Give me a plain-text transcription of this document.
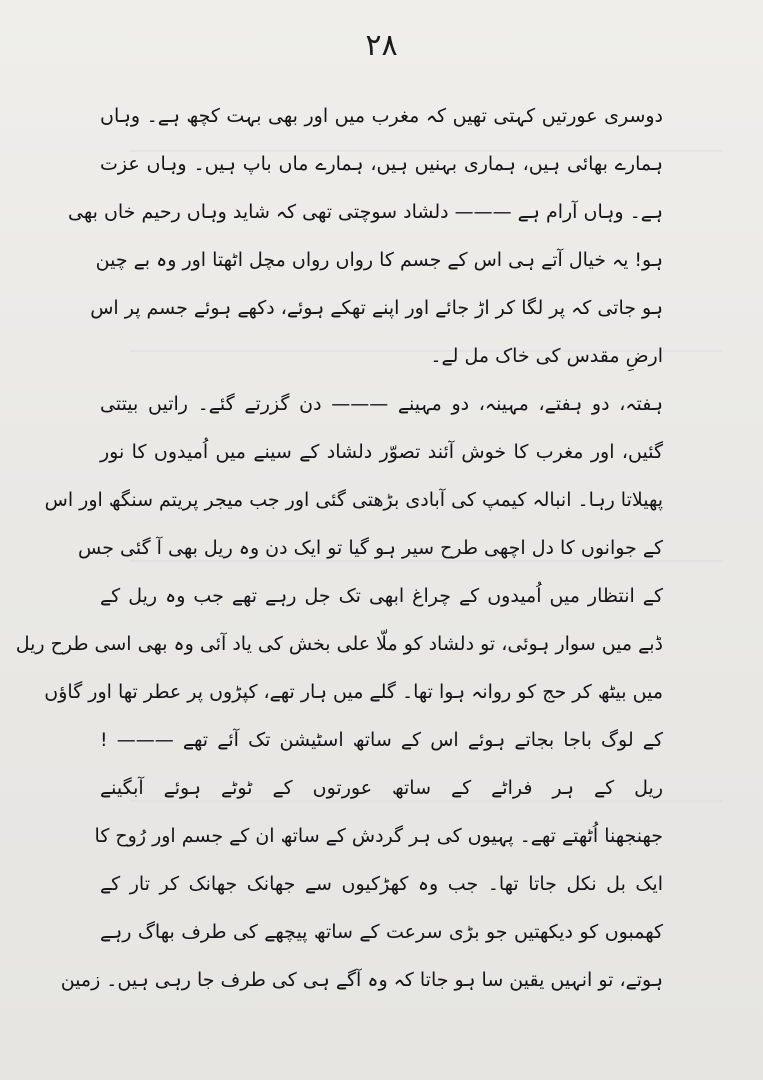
۲۸
دوسری عورتیں کہتی تھیں کہ مغرب میں اور بھی بہت کچھ ہے۔ وہاں
ہمارے بھائی ہیں، ہماری بہنیں ہیں، ہمارے ماں باپ ہیں۔ وہاں عزت
ہے۔ وہاں آرام ہے ——— دلشاد سوچتی تھی کہ شاید وہاں رحیم خاں بھی
ہو! یہ خیال آتے ہی اس کے جسم کا رواں رواں مچل اٹھتا اور وہ بے چین
ہو جاتی کہ پر لگا کر اڑ جائے اور اپنے تھکے ہوئے، دکھے ہوئے جسم پر اس
ارضِ مقدس کی خاک مل لے۔
ہفتہ، دو ہفتے، مہینہ، دو مہینے ——— دن گزرتے گئے۔ راتیں بیتتی
گئیں، اور مغرب کا خوش آئند تصوّر دلشاد کے سینے میں اُمیدوں کا نور
پھیلاتا رہا۔ انبالہ کیمپ کی آبادی بڑھتی گئی اور جب میجر پریتم سنگھ اور اس
کے جوانوں کا دل اچھی طرح سیر ہو گیا تو ایک دن وہ ریل بھی آ گئی جس
کے انتظار میں اُمیدوں کے چراغ ابھی تک جل رہے تھے جب وہ ریل کے
ڈبے میں سوار ہوئی، تو دلشاد کو ملّا علی بخش کی یاد آئی وہ بھی اسی طرح ریل
میں بیٹھ کر حج کو روانہ ہوا تھا۔ گلے میں ہار تھے، کپڑوں پر عطر تھا اور گاؤں
کے لوگ باجا بجاتے ہوئے اس کے ساتھ اسٹیشن تک آئے تھے ——— !
ریل کے ہر فراٹے کے ساتھ عورتوں کے ٹوٹے ہوئے آبگینے
جھنجھنا اُٹھتے تھے۔ پہیوں کی ہر گردش کے ساتھ ان کے جسم اور رُوح کا
ایک بل نکل جاتا تھا۔ جب وہ کھڑکیوں سے جھانک جھانک کر تار کے
کھمبوں کو دیکھتیں جو بڑی سرعت کے ساتھ پیچھے کی طرف بھاگ رہے
ہوتے، تو انہیں یقین سا ہو جاتا کہ وہ آگے ہی کی طرف جا رہی ہیں۔ زمین
